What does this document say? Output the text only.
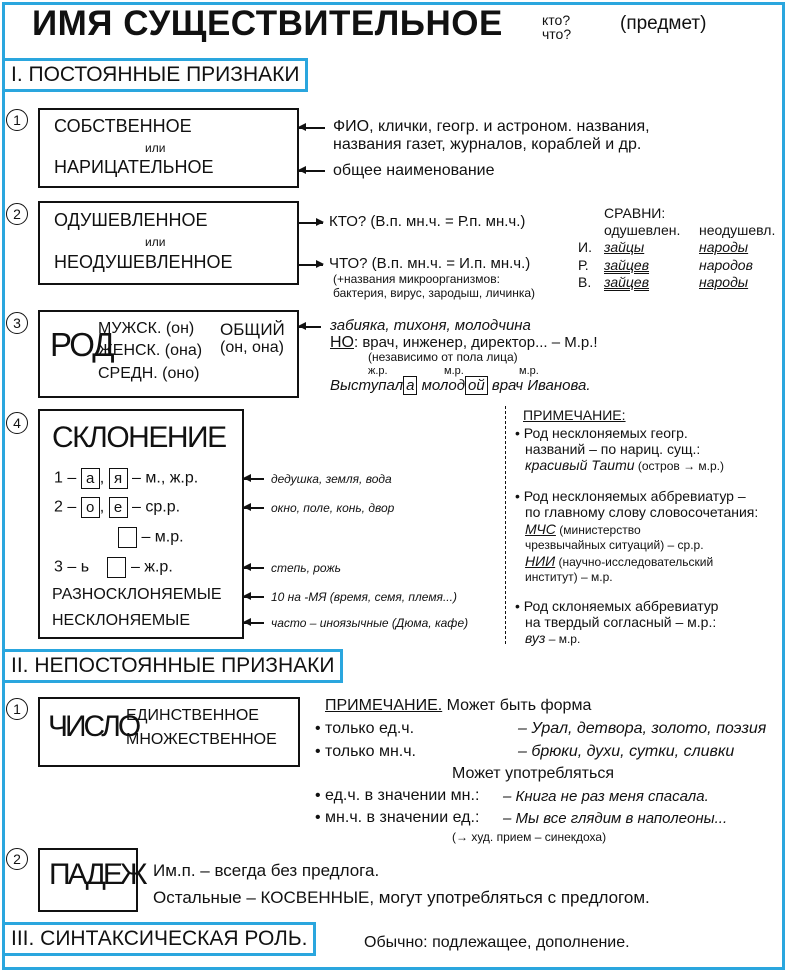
ИМЯ СУЩЕСТВИТЕЛЬНОЕ	кто?
что?	(предмет)
I. ПОСТОЯННЫЕ ПРИЗНАКИ
1	СОБСТВЕННОЕ
или
НАРИЦАТЕЛЬНОЕ
ФИО, клички, геогр. и астроном. названия,
названия газет, журналов, кораблей и др.
общее наименование
2	ОДУШЕВЛЕННОЕ
или
НЕОДУШЕВЛЕННОЕ
КТО? (В.п. мн.ч. = Р.п. мн.ч.)
ЧТО? (В.п. мн.ч. = И.п. мн.ч.)
(+названия микроорганизмов:
бактерия, вирус, зародыш, личинка)
СРАВНИ:
одушевлен. неодушевл.
И. зайцы	народы
Р. зайцев	народов
В. зайцев	народы
3
РОД
МУЖСК. (он)
ЖЕНСК. (она)
СРЕДН. (оно)
ОБЩИЙ
(он, она)
забияка, тихоня, молодчина
НО: врач, инженер, директор... – М.р.!
(независимо от пола лица)
ж.р.	м.р.	м.р.
Выступал а молод ой врач Иванова.
4 СКЛОНЕНИЕ
1 – а , я – м., ж.р.
2 – о , е – ср.р.
– м.р.
3 – ь	– ж.р.
РАЗНОСКЛОНЯЕМЫЕ
НЕСКЛОНЯЕМЫЕ
дедушка, земля, вода
окно, поле, конь, двор
степь, рожь
10 на -МЯ (время, семя, племя...)
часто – иноязычные (Дюма, кафе)
ПРИМЕЧАНИЕ:
• Род несклоняемых геогр.
названий – по нариц. сущ.:
красивый Таити (остров → м.р.)
• Род несклоняемых аббревиатур –
по главному слову словосочетания:
МЧС (министерство
чрезвычайных ситуаций) – ср.р.
НИИ (научно-исследовательский
институт) – м.р.
• Род склоняемых аббревиатур
на твердый согласный – м.р.:
вуз – м.р.
II. НЕПОСТОЯННЫЕ ПРИЗНАКИ
1
ЧИСЛО
ЕДИНСТВЕННОЕ
МНОЖЕСТВЕННОЕ
ПРИМЕЧАНИЕ. Может быть форма
• только ед.ч.	– Урал, детвора, золото, поэзия
• только мн.ч.	– брюки, духи, сутки, сливки
Может употребляться
• ед.ч. в значении мн.: – Книга не раз меня спасала.
• мн.ч. в значении ед.: – Мы все глядим в наполеоны...
(→ худ. прием – синекдоха)
2 ПАДЕЖ Им.п. – всегда без предлога.
Остальные – КОСВЕННЫЕ, могут употребляться с предлогом.
III. СИНТАКСИЧЕСКАЯ РОЛЬ.	Обычно: подлежащее, дополнение.
